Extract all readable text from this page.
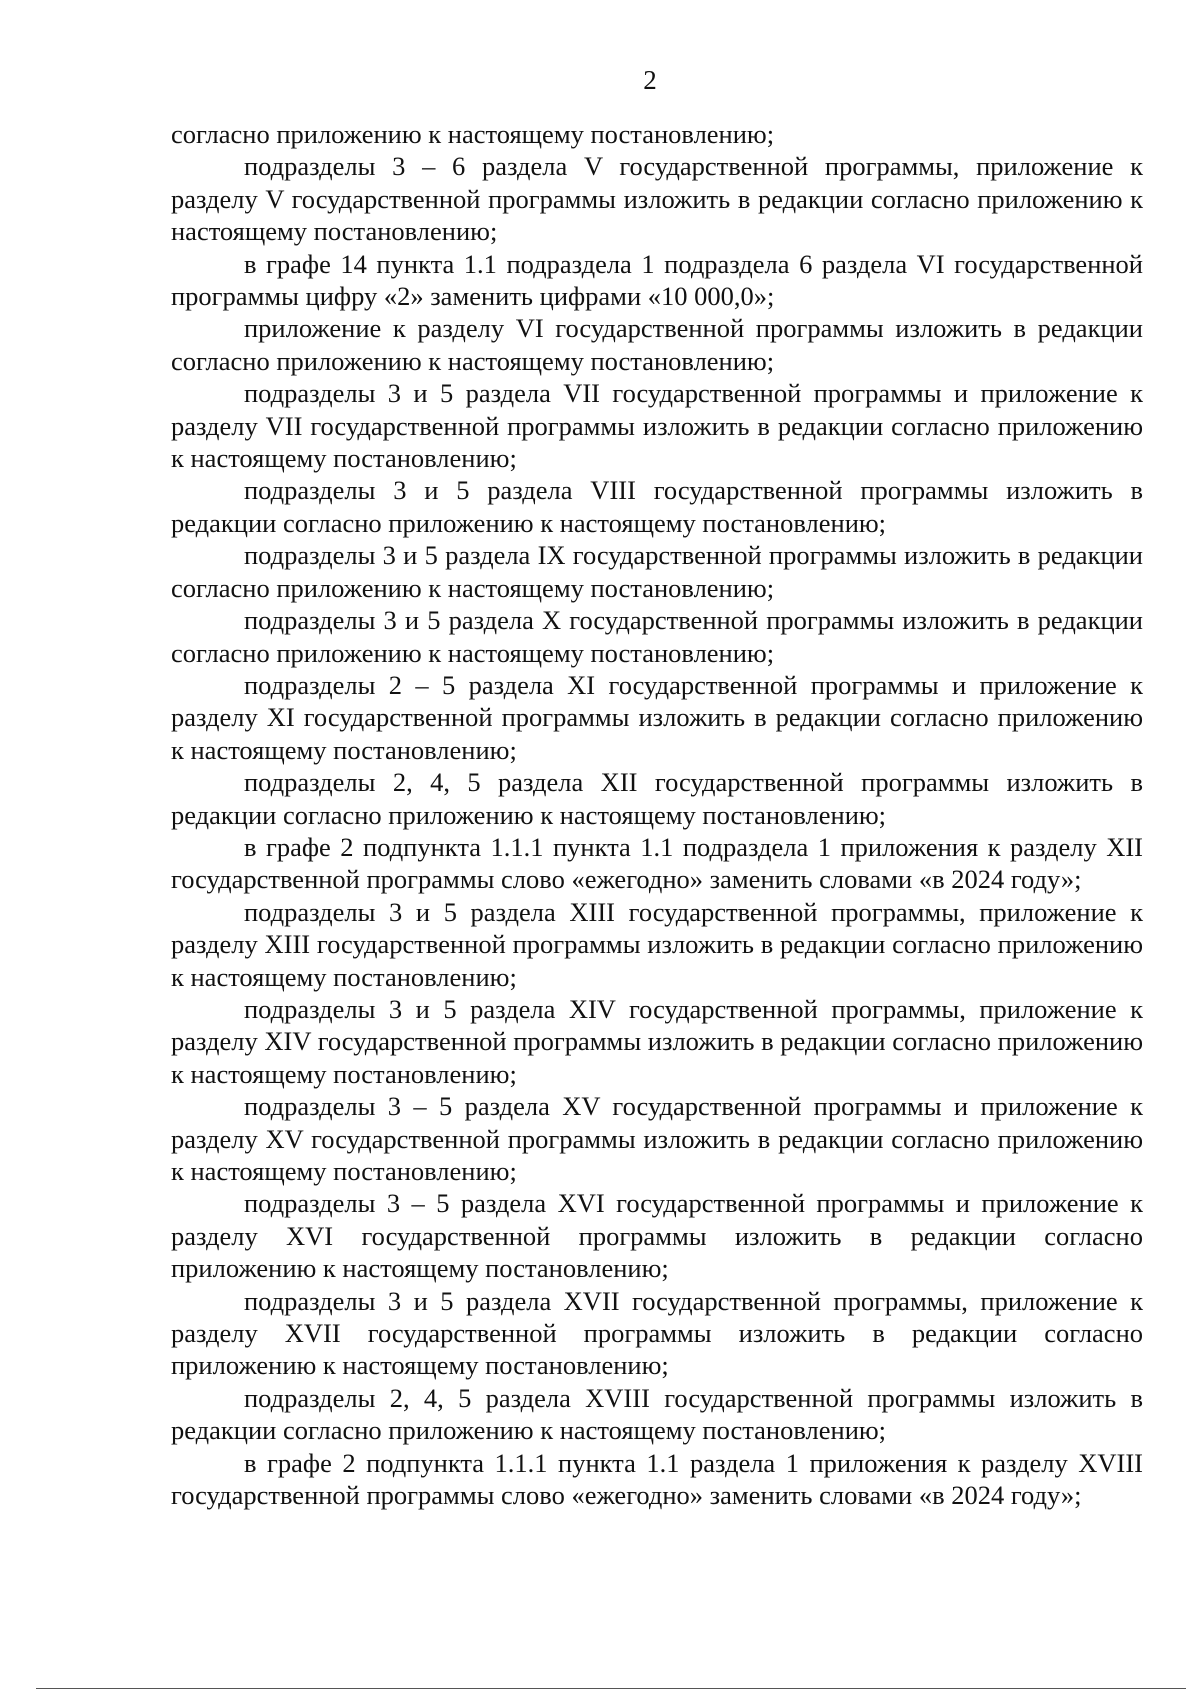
2

согласно приложению к настоящему постановлению;

подразделы 3 – 6 раздела V государственной программы, приложение к разделу V государственной программы изложить в редакции согласно приложению к настоящему постановлению;

в графе 14 пункта 1.1 подраздела 1 подраздела 6 раздела VI государственной программы цифру «2» заменить цифрами «10 000,0»;

приложение к разделу VI государственной программы изложить в редакции согласно приложению к настоящему постановлению;

подразделы 3 и 5 раздела VII государственной программы и приложение к разделу VII государственной программы изложить в редакции согласно приложению к настоящему постановлению;

подразделы 3 и 5 раздела VIII государственной программы изложить в редакции согласно приложению к настоящему постановлению;

подразделы 3 и 5 раздела IX государственной программы изложить в редакции согласно приложению к настоящему постановлению;

подразделы 3 и 5 раздела X государственной программы изложить в редакции согласно приложению к настоящему постановлению;

подразделы 2 – 5 раздела XI государственной программы и приложение к разделу XI государственной программы изложить в редакции согласно приложению к настоящему постановлению;

подразделы 2, 4, 5 раздела XII государственной программы изложить в редакции согласно приложению к настоящему постановлению;

в графе 2 подпункта 1.1.1 пункта 1.1 подраздела 1 приложения к разделу XII государственной программы слово «ежегодно» заменить словами «в 2024 году»;

подразделы 3 и 5 раздела XIII государственной программы, приложение к разделу XIII государственной программы изложить в редакции согласно приложению к настоящему постановлению;

подразделы 3 и 5 раздела XIV государственной программы, приложение к разделу XIV государственной программы изложить в редакции согласно приложению к настоящему постановлению;

подразделы 3 – 5 раздела XV государственной программы и приложение к разделу XV государственной программы изложить в редакции согласно приложению к настоящему постановлению;

подразделы 3 – 5 раздела XVI государственной программы и приложение к разделу XVI государственной программы изложить в редакции согласно приложению к настоящему постановлению;

подразделы 3 и 5 раздела XVII государственной программы, приложение к разделу XVII государственной программы изложить в редакции согласно приложению к настоящему постановлению;

подразделы 2, 4, 5 раздела XVIII государственной программы изложить в редакции согласно приложению к настоящему постановлению;

в графе 2 подпункта 1.1.1 пункта 1.1 раздела 1 приложения к разделу XVIII государственной программы слово «ежегодно» заменить словами «в 2024 году»;
